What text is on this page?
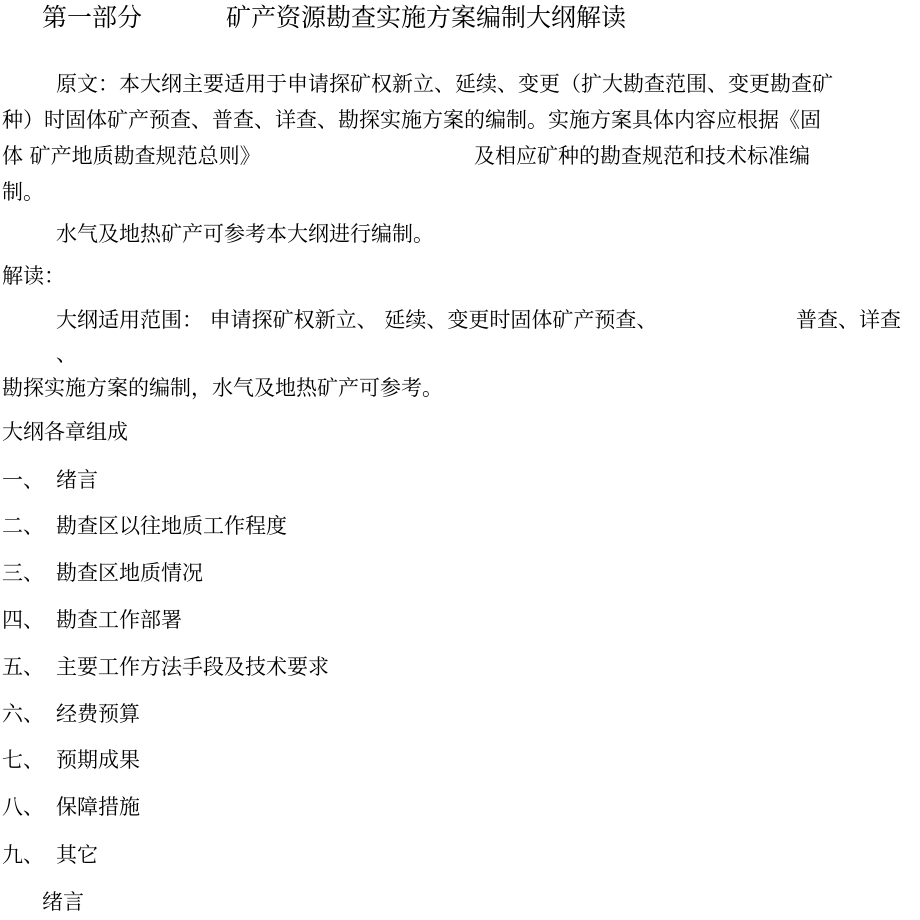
第一部分	矿产资源勘查实施方案编制大纲解读
原文：本大纲主要适用于申请探矿权新立、延续、变更（扩大勘查范围、变更勘查矿
种）时固体矿产预查、普查、详查、勘探实施方案的编制。实施方案具体内容应根据《固
体 矿产地质勘查规范总则》	及相应矿种的勘查规范和技术标准编
制。
水气及地热矿产可参考本大纲进行编制。
解读：
大纲适用范围： 申请探矿权新立、 延续、变更时固体矿产预查、	普查、详查
、
勘探实施方案的编制，水气及地热矿产可参考。
大纲各章组成
一、 绪言
二、 勘查区以往地质工作程度
三、 勘查区地质情况
四、 勘查工作部署
五、 主要工作方法手段及技术要求
六、 经费预算
七、 预期成果
八、 保障措施
九、 其它
绪言
